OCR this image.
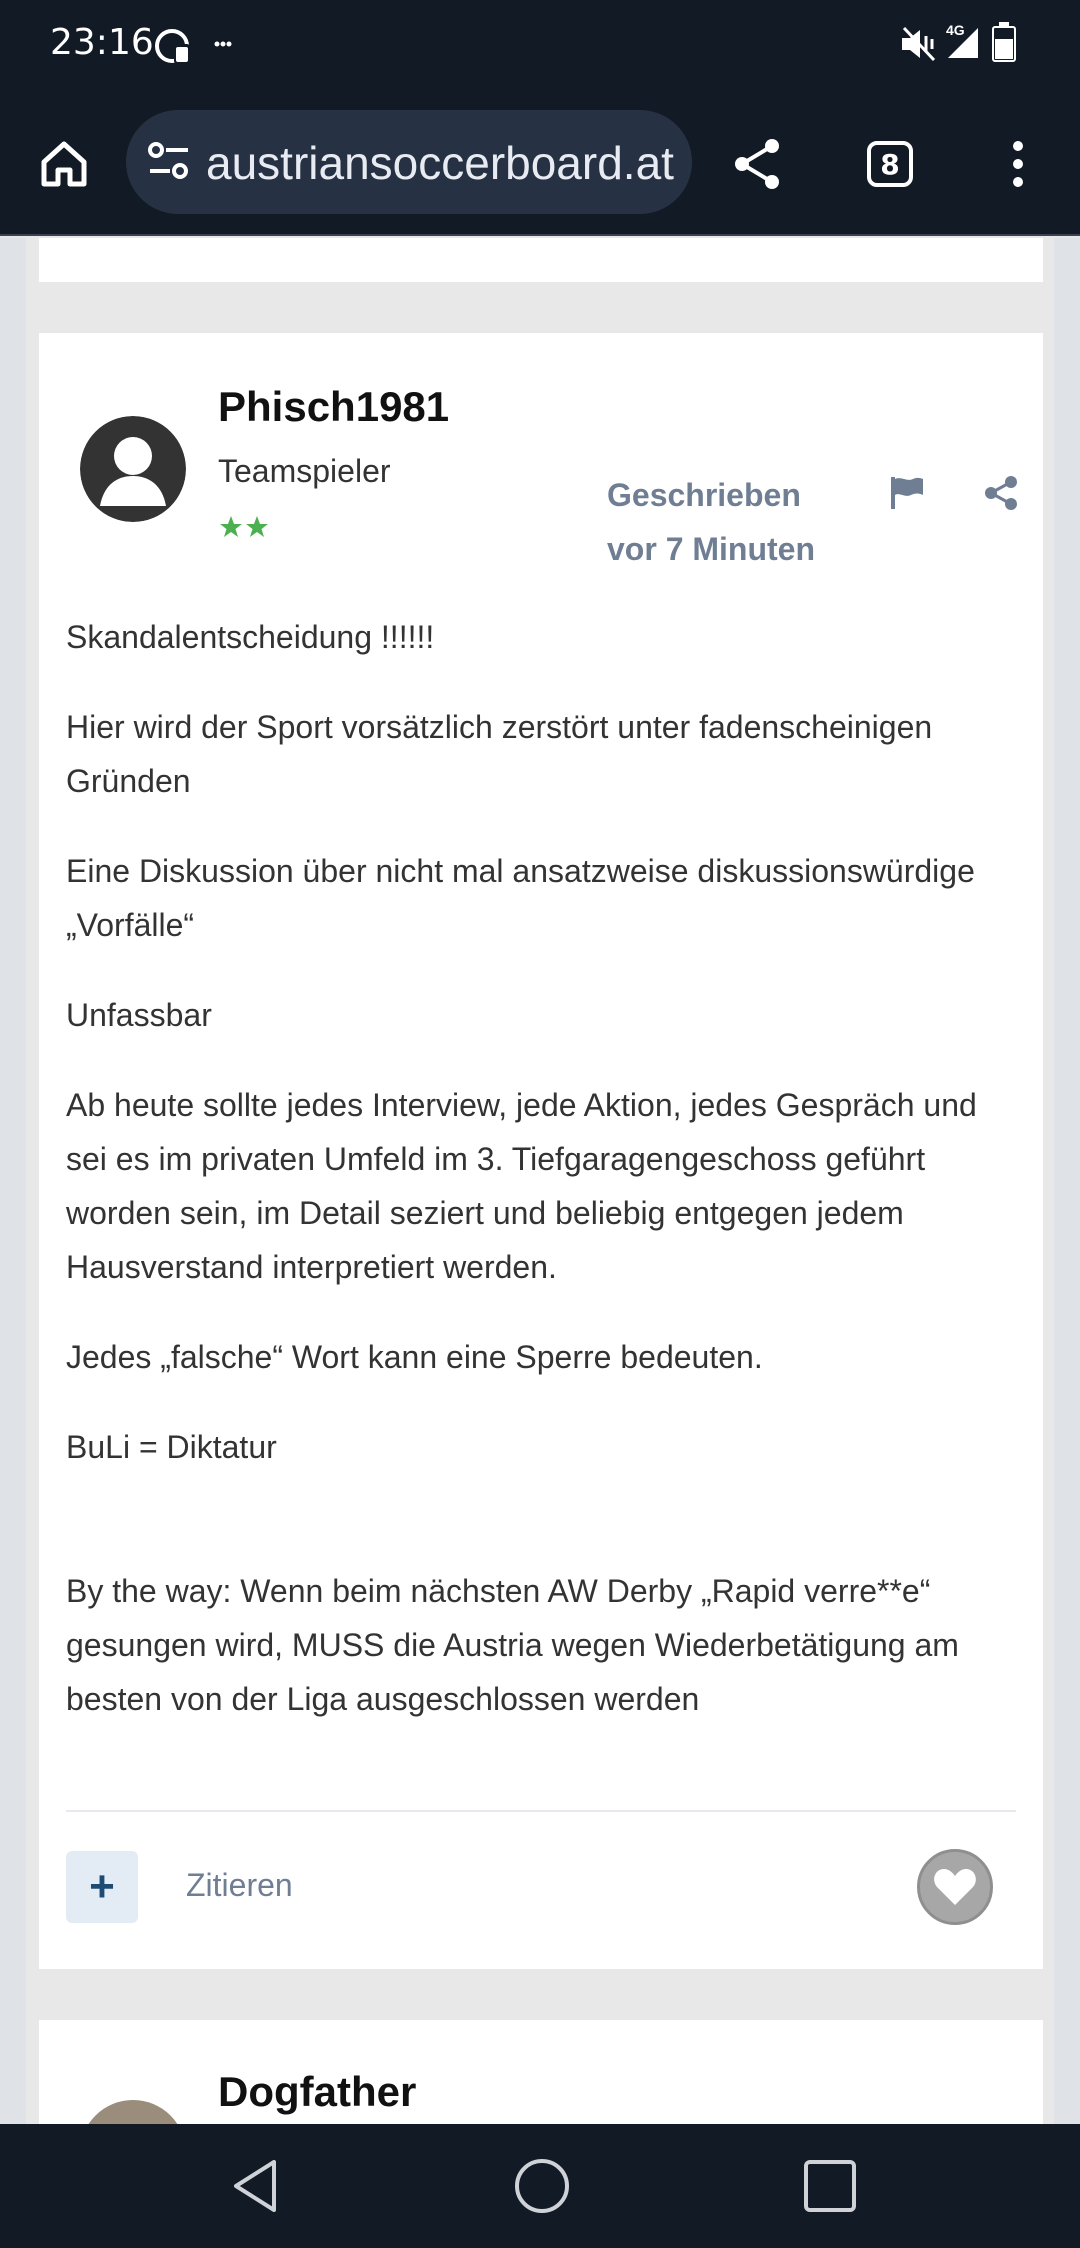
23:16	4G
austriansoccerboard.at	8
Phisch1981
Teamspieler
Geschrieben
vor 7 Minuten

Skandalentscheidung !!!!!!

Hier wird der Sport vorsätzlich zerstört unter fadenscheinigen Gründen

Eine Diskussion über nicht mal ansatzweise diskussionswürdige „Vorfälle“

Unfassbar

Ab heute sollte jedes Interview, jede Aktion, jedes Gespräch und sei es im privaten Umfeld im 3. Tiefgaragengeschoss geführt worden sein, im Detail seziert und beliebig entgegen jedem Hausverstand interpretiert werden.

Jedes „falsche“ Wort kann eine Sperre bedeuten.

BuLi = Diktatur

By the way: Wenn beim nächsten AW Derby „Rapid verre**e“ gesungen wird, MUSS die Austria wegen Wiederbetätigung am besten von der Liga ausgeschlossen werden

+ Zitieren
Dogfather
